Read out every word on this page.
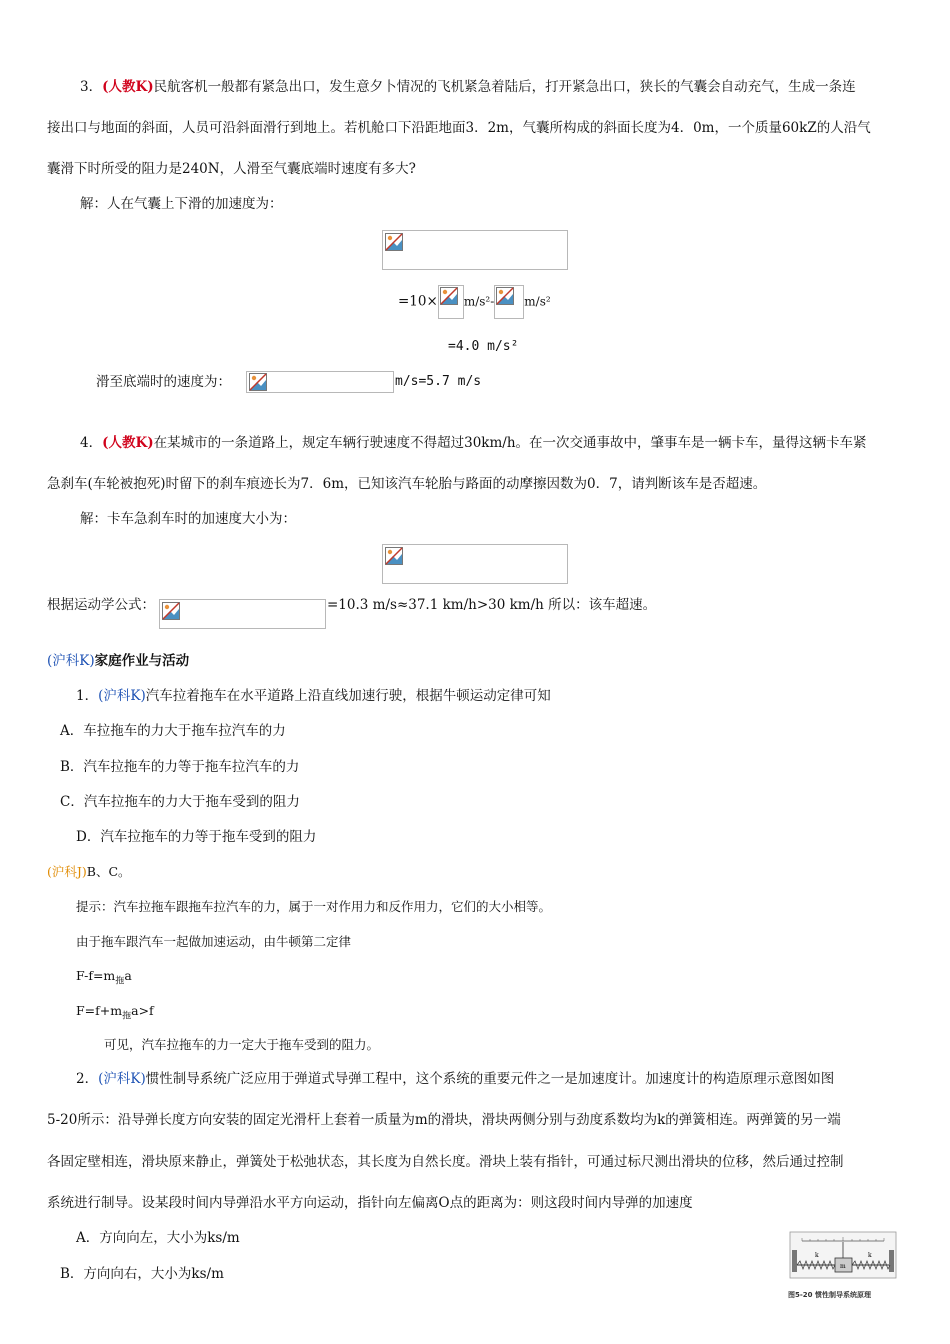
3．(人教K)民航客机一般都有紧急出口，发生意夕卜情况的飞机紧急着陆后，打开紧急出口，狭长的气囊会自动充气，生成一条连
接出口与地面的斜面，人员可沿斜面滑行到地上。若机舱口下沿距地面3．2m，气囊所构成的斜面长度为4．0m，一个质量60kZ的人沿气
囊滑下时所受的阻力是240N，人滑至气囊底端时速度有多大?
解：人在气囊上下滑的加速度为：
=10× m/s²-	m/s²
=4.0 m/s²
滑至底端时的速度为：	m/s=5.7 m/s
4．(人教K)在某城市的一条道路上，规定车辆行驶速度不得超过30km/h。在一次交通事故中，肇事车是一辆卡车，量得这辆卡车紧
急刹车(车轮被抱死)时留下的刹车痕迹长为7．6m，已知该汽车轮胎与路面的动摩擦因数为0．7，请判断该车是否超速。
解：卡车急刹车时的加速度大小为：
根据运动学公式：	=10.3 m/s≈37.1 km/h>30 km/h 所以：该车超速。
(沪科K)家庭作业与活动
1．(沪科K)汽车拉着拖车在水平道路上沿直线加速行驶，根据牛顿运动定律可知
A．车拉拖车的力大于拖车拉汽车的力
B．汽车拉拖车的力等于拖车拉汽车的力
C．汽车拉拖车的力大于拖车受到的阻力
D．汽车拉拖车的力等于拖车受到的阻力
(沪科J)B、C。
提示：汽车拉拖车跟拖车拉汽车的力，属于一对作用力和反作用力，它们的大小相等。
由于拖车跟汽车一起做加速运动，由牛顿第二定律
$F-f=m_拖a$
$F=f+m_拖a>f$
可见，汽车拉拖车的力一定大于拖车受到的阻力。
2．(沪科K)惯性制导系统广泛应用于弹道式导弹工程中，这个系统的重要元件之一是加速度计。加速度计的构造原理示意图如图
5-20所示：沿导弹长度方向安装的固定光滑杆上套着一质量为m的滑块，滑块两侧分别与劲度系数均为k的弹簧相连。两弹簧的另一端
各固定壁相连，滑块原来静止，弹簧处于松弛状态，其长度为自然长度。滑块上装有指针，可通过标尺测出滑块的位移，然后通过控制
系统进行制导。设某段时间内导弹沿水平方向运动，指针向左偏离O点的距离为：则这段时间内导弹的加速度
A．方向向左，大小为ks/m
B．方向向右，大小为ks/m
k	k
m
图5-20 惯性制导系统原理
